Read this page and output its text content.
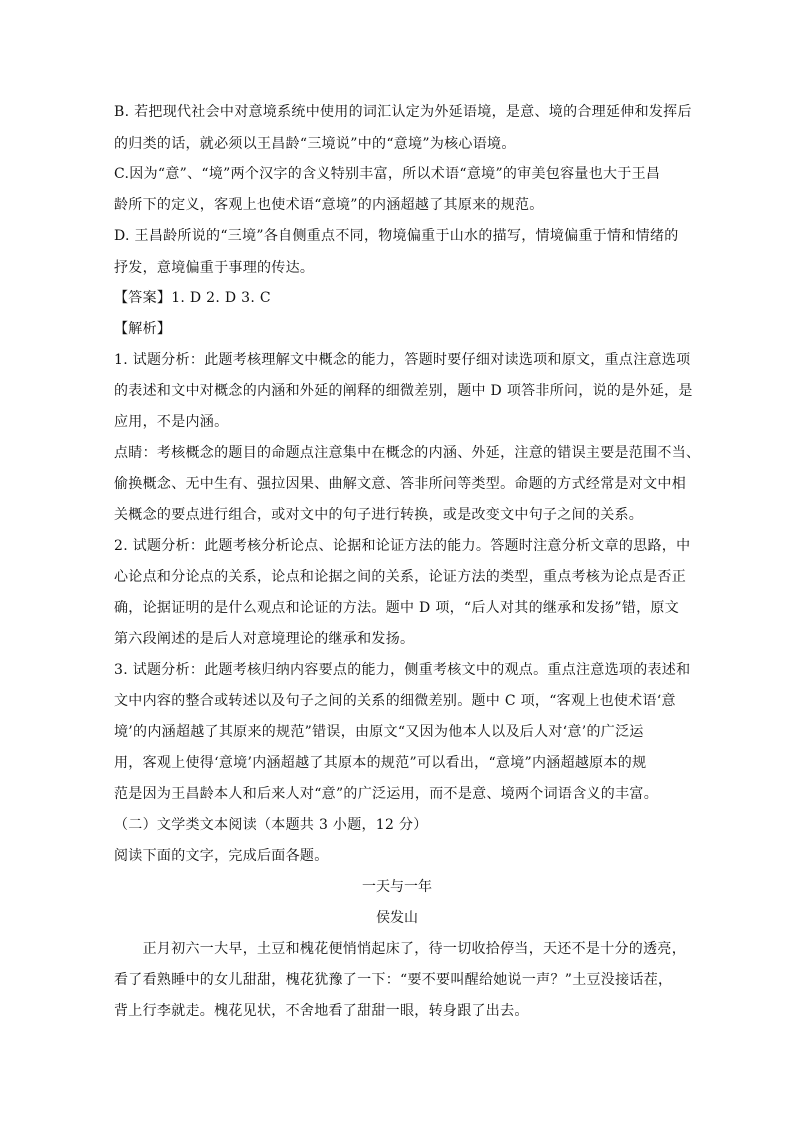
B. 若把现代社会中对意境系统中使用的词汇认定为外延语境，是意、境的合理延伸和发挥后
的归类的话，就必须以王昌龄“三境说”中的“意境”为核心语境。
C.因为“意”、“境”两个汉字的含义特别丰富，所以术语“意境”的审美包容量也大于王昌
龄所下的定义，客观上也使术语“意境”的内涵超越了其原来的规范。
D. 王昌龄所说的“三境”各自侧重点不同，物境偏重于山水的描写，情境偏重于情和情绪的
抒发，意境偏重于事理的传达。
【答案】1. D 2. D 3. C
【解析】
1. 试题分析：此题考核理解文中概念的能力，答题时要仔细对读选项和原文，重点注意选项
的表述和文中对概念的内涵和外延的阐释的细微差别，题中 D 项答非所问，说的是外延，是
应用，不是内涵。
点睛：考核概念的题目的命题点注意集中在概念的内涵、外延，注意的错误主要是范围不当、
偷换概念、无中生有、强拉因果、曲解文意、答非所问等类型。命题的方式经常是对文中相
关概念的要点进行组合，或对文中的句子进行转换，或是改变文中句子之间的关系。
2. 试题分析：此题考核分析论点、论据和论证方法的能力。答题时注意分析文章的思路，中
心论点和分论点的关系，论点和论据之间的关系，论证方法的类型，重点考核为论点是否正
确，论据证明的是什么观点和论证的方法。题中 D 项，“后人对其的继承和发扬”错，原文
第六段阐述的是后人对意境理论的继承和发扬。
3. 试题分析：此题考核归纳内容要点的能力，侧重考核文中的观点。重点注意选项的表述和
文中内容的整合或转述以及句子之间的关系的细微差别。题中 C 项，“客观上也使术语‘意
境’的内涵超越了其原来的规范”错误，由原文“又因为他本人以及后人对‘意’的广泛运
用，客观上使得‘意境’内涵超越了其原本的规范”可以看出，“意境”内涵超越原本的规
范是因为王昌龄本人和后来人对“意”的广泛运用，而不是意、境两个词语含义的丰富。
（二）文学类文本阅读（本题共 3 小题，12 分）
阅读下面的文字，完成后面各题。
一天与一年
侯发山
　　正月初六一大早，土豆和槐花便悄悄起床了，待一切收拾停当，天还不是十分的透亮，
看了看熟睡中的女儿甜甜，槐花犹豫了一下：“要不要叫醒给她说一声？”土豆没接话茬，
背上行李就走。槐花见状，不舍地看了甜甜一眼，转身跟了出去。
